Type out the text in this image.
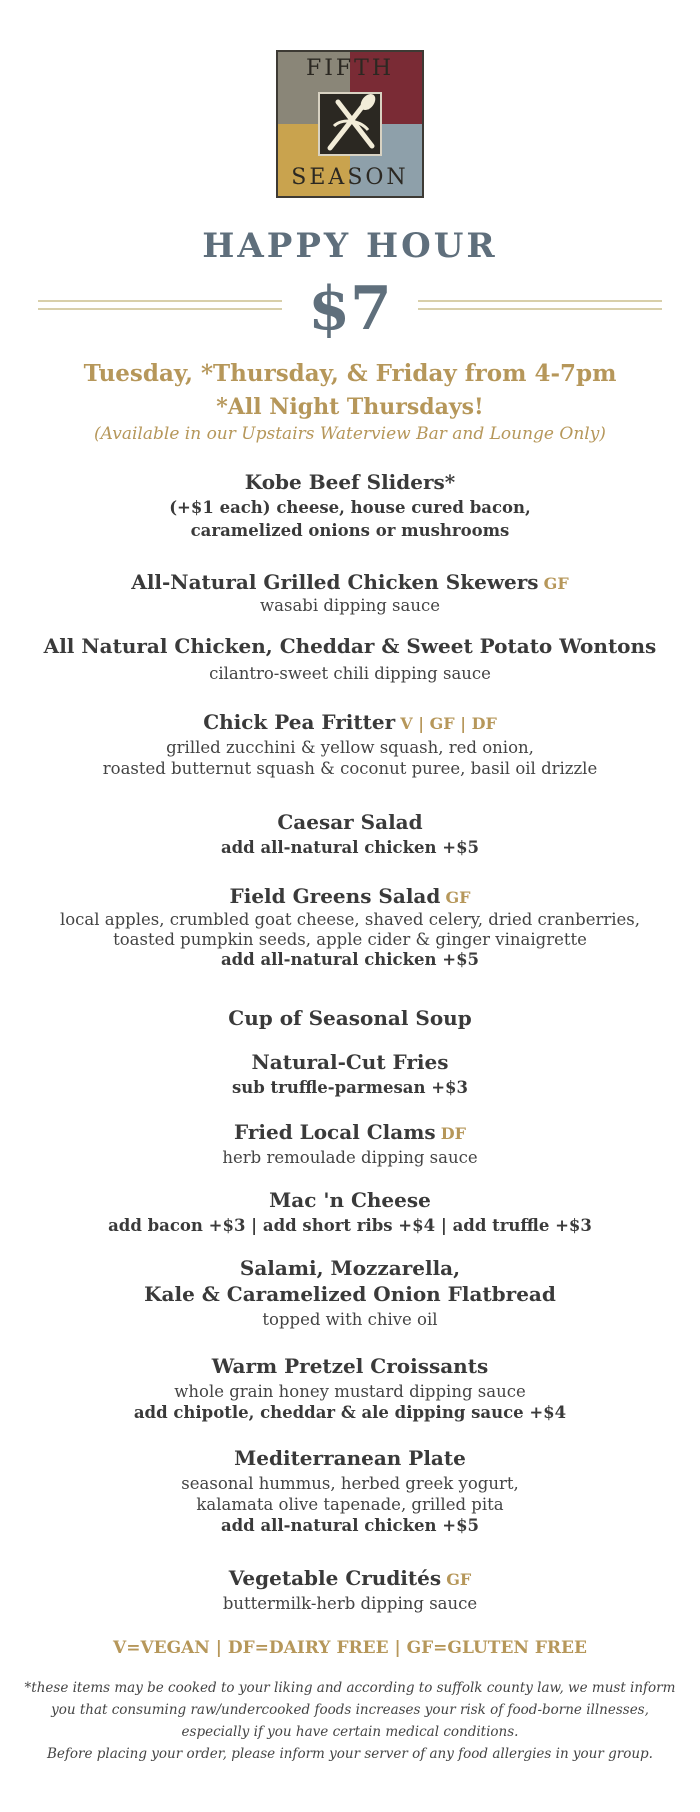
FIFTH
SEASON
HAPPY HOUR
$7
Tuesday, *Thursday, & Friday from 4-7pm
*All Night Thursdays!
(Available in our Upstairs Waterview Bar and Lounge Only)
Kobe Beef Sliders*
(+$1 each) cheese, house cured bacon,
caramelized onions or mushrooms
All-Natural Grilled Chicken Skewers GF
wasabi dipping sauce
All Natural Chicken, Cheddar & Sweet Potato Wontons
cilantro-sweet chili dipping sauce
Chick Pea Fritter V | GF | DF
grilled zucchini & yellow squash, red onion,
roasted butternut squash & coconut puree, basil oil drizzle
Caesar Salad
add all-natural chicken +$5
Field Greens Salad GF
local apples, crumbled goat cheese, shaved celery, dried cranberries,
toasted pumpkin seeds, apple cider & ginger vinaigrette
add all-natural chicken +$5
Cup of Seasonal Soup
Natural-Cut Fries
sub truffle-parmesan +$3
Fried Local Clams DF
herb remoulade dipping sauce
Mac 'n Cheese
add bacon +$3 | add short ribs +$4 | add truffle +$3
Salami, Mozzarella,
Kale & Caramelized Onion Flatbread
topped with chive oil
Warm Pretzel Croissants
whole grain honey mustard dipping sauce
add chipotle, cheddar & ale dipping sauce +$4
Mediterranean Plate
seasonal hummus, herbed greek yogurt,
kalamata olive tapenade, grilled pita
add all-natural chicken +$5
Vegetable Crudités GF
buttermilk-herb dipping sauce
V=VEGAN | DF=DAIRY FREE | GF=GLUTEN FREE
*these items may be cooked to your liking and according to suffolk county law, we must inform
you that consuming raw/undercooked foods increases your risk of food-borne illnesses,
especially if you have certain medical conditions.
Before placing your order, please inform your server of any food allergies in your group.
